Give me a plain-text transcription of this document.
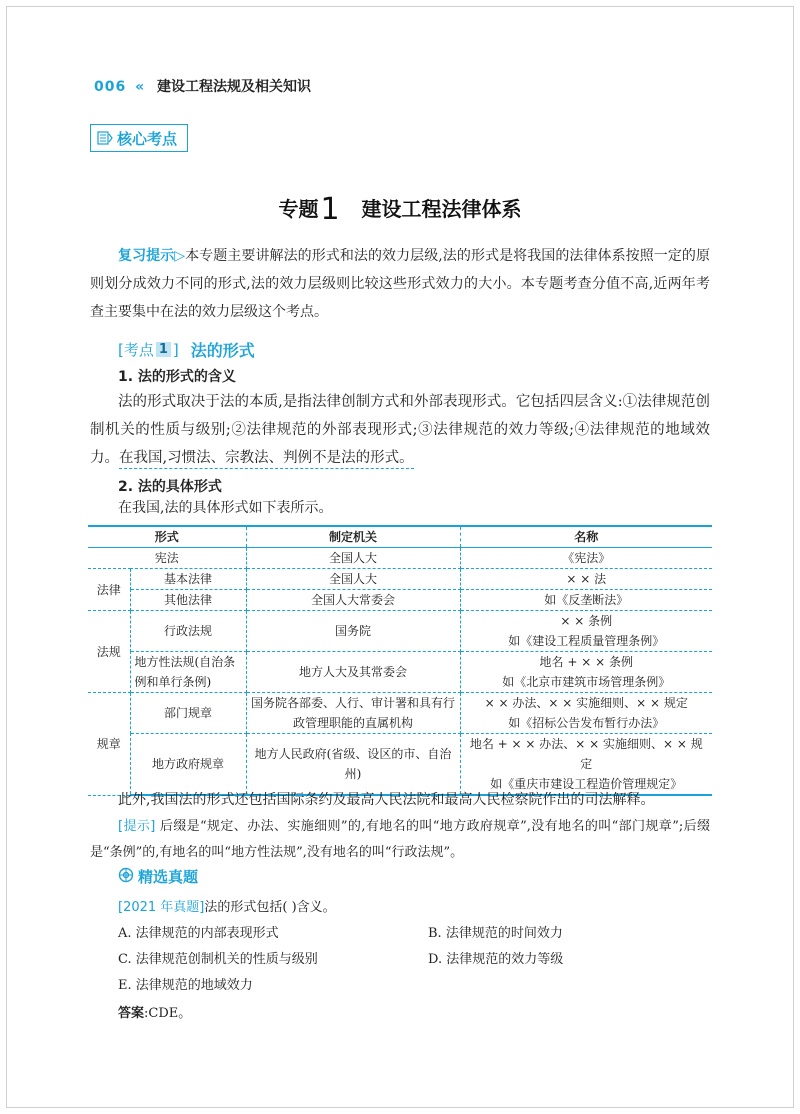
006 « 建设工程法规及相关知识
核心考点
专题1 建设工程法律体系
复习提示▷本专题主要讲解法的形式和法的效力层级,法的形式是将我国的法律体系按照一定的原则划分成效力不同的形式,法的效力层级则比较这些形式效力的大小。本专题考查分值不高,近两年考查主要集中在法的效力层级这个考点。
[ 考点 1 ] 法的形式
1. 法的形式的含义
法的形式取决于法的本质,是指法律创制方式和外部表现形式。它包括四层含义:①法律规范创制机关的性质与级别;②法律规范的外部表现形式;③法律规范的效力等级;④法律规范的地域效力。在我国,习惯法、宗教法、判例不是法的形式。
2. 法的具体形式
在我国,法的具体形式如下表所示。
形式		制定机关	名称
宪法		全国人大	《宪法》
法律	基本法律	全国人大	× × 法
	其他法律	全国人大常委会	如《反垄断法》
法规	行政法规	国务院	× × 条例
如《建设工程质量管理条例》

	地方性法规(自治条例和单行条例)	地方人大及其常委会	地名 + × × 条例
如《北京市建筑市场管理条例》

规章	部门规章	国务院各部委、人行、审计署和具有行政管理职能的直属机构	× × 办法、× × 实施细则、× × 规定
如《招标公告发布暂行办法》

	地方政府规章	地方人民政府(省级、设区的市、自治州)	地名 + × × 办法、× × 实施细则、× × 规定
如《重庆市建设工程造价管理规定》
此外,我国法的形式还包括国际条约及最高人民法院和最高人民检察院作出的司法解释。
[提示] 后缀是“规定、办法、实施细则”的,有地名的叫“地方政府规章”,没有地名的叫“部门规章”;后缀是“条例”的,有地名的叫“地方性法规”,没有地名的叫“行政法规”。
精选真题
[2021 年真题]法的形式包括( )含义。
A. 法律规范的内部表现形式	B. 法律规范的时间效力
C. 法律规范创制机关的性质与级别	D. 法律规范的效力等级
E. 法律规范的地域效力
答案:CDE。
